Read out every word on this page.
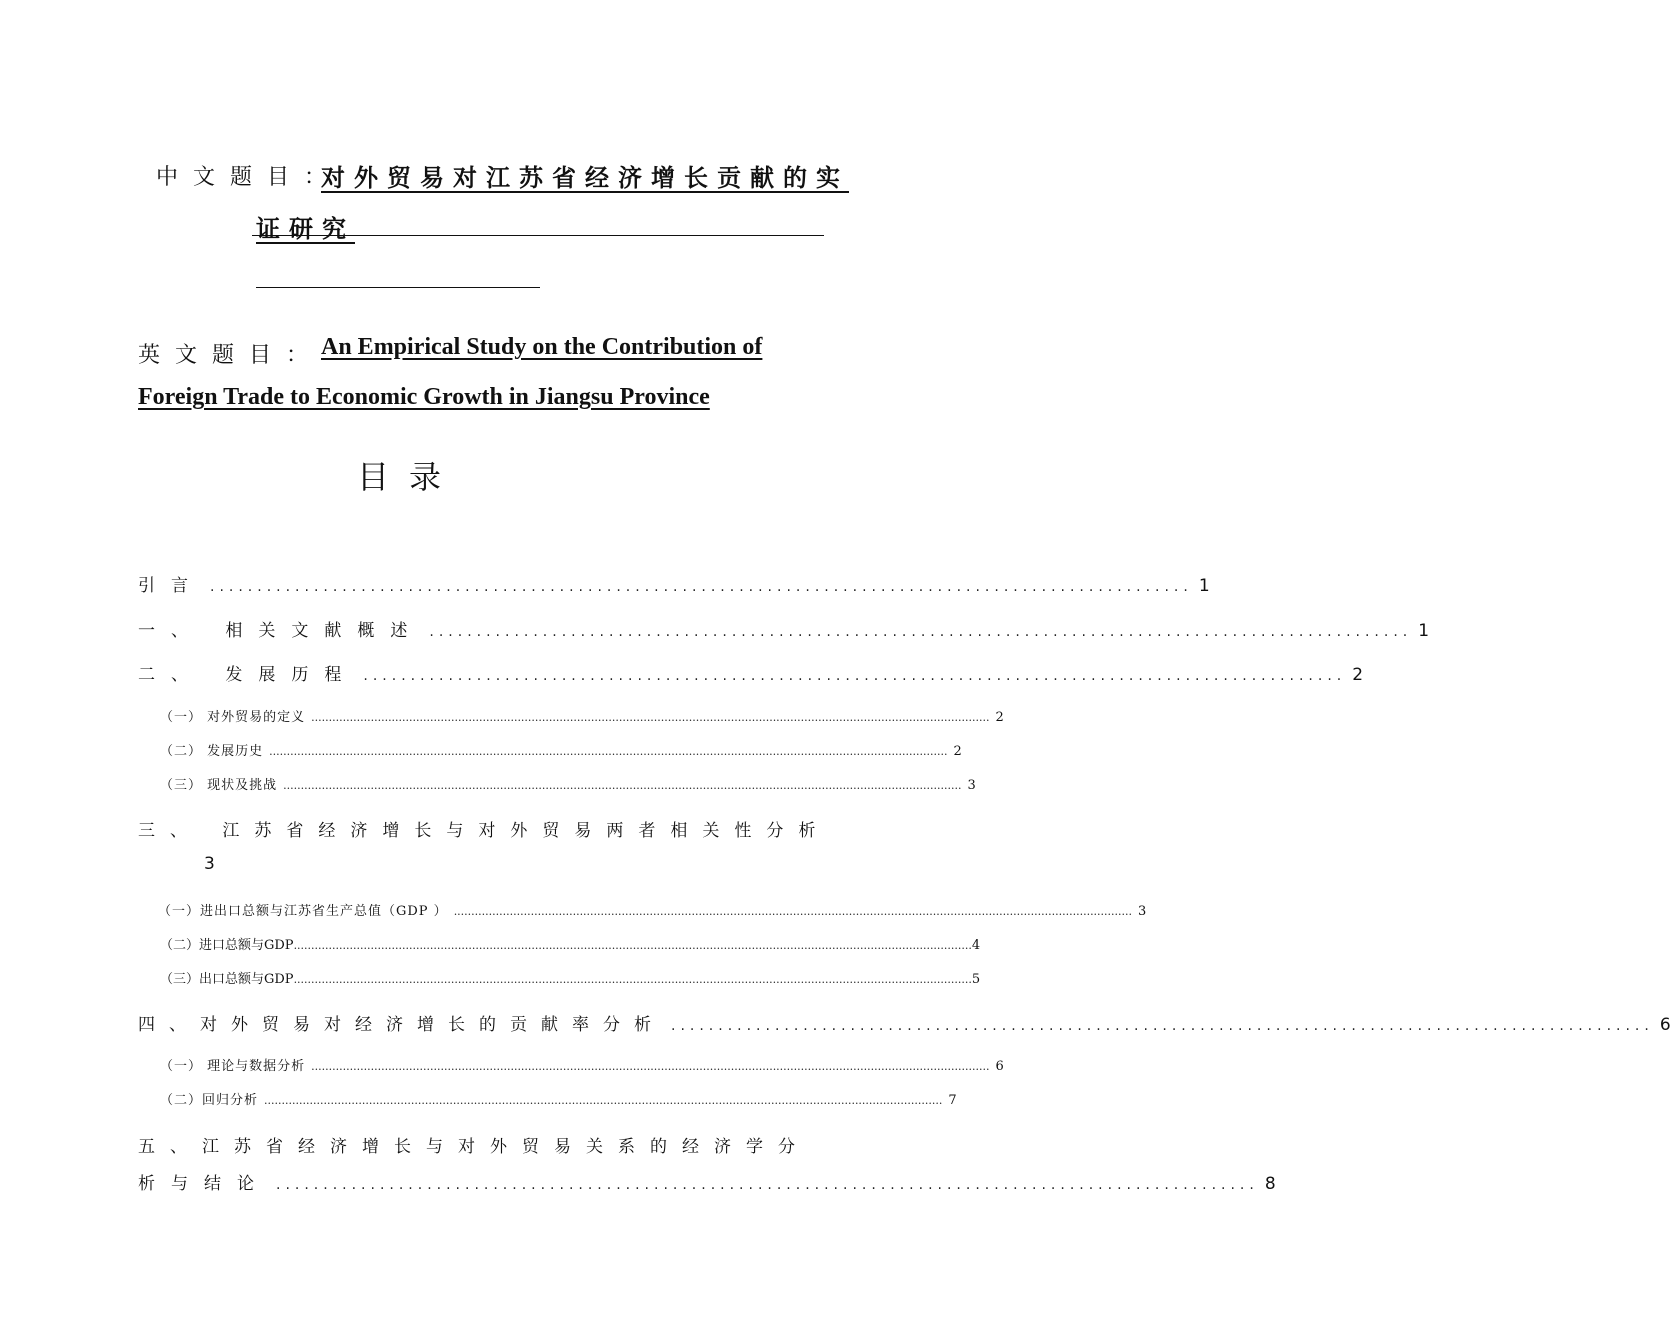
中文题目：
对外贸易对江苏省经济增长贡献的实
证研究
英文题目：
An Empirical Study on the Contribution of
Foreign Trade to Economic Growth in Jiangsu Province
目录
引言 ........................................................................................................ 1
一、 相关文献概述 ........................................................................................................ 1
二、 发展历程 ........................................................................................................ 2
（一） 对外贸易的定义 .................................................................................................................................................................................................. 2
（二） 发展历史 .................................................................................................................................................................................................. 2
（三） 现状及挑战 .................................................................................................................................................................................................. 3
三、 江苏省经济增长与对外贸易两者相关性分析
3
（一）进出口总额与江苏省生产总值（GDP ） .................................................................................................................................................................................................. 3
（二）进口总额与GDP .................................................................................................................................................................................................. 4
（三）出口总额与GDP .................................................................................................................................................................................................. 5
四、对外贸易对经济增长的贡献率分析 ........................................................................................................ 6
（一） 理论与数据分析 .................................................................................................................................................................................................. 6
（二）回归分析 .................................................................................................................................................................................................. 7
五、江苏省经济增长与对外贸易关系的经济学分
析与结论 ........................................................................................................ 8
